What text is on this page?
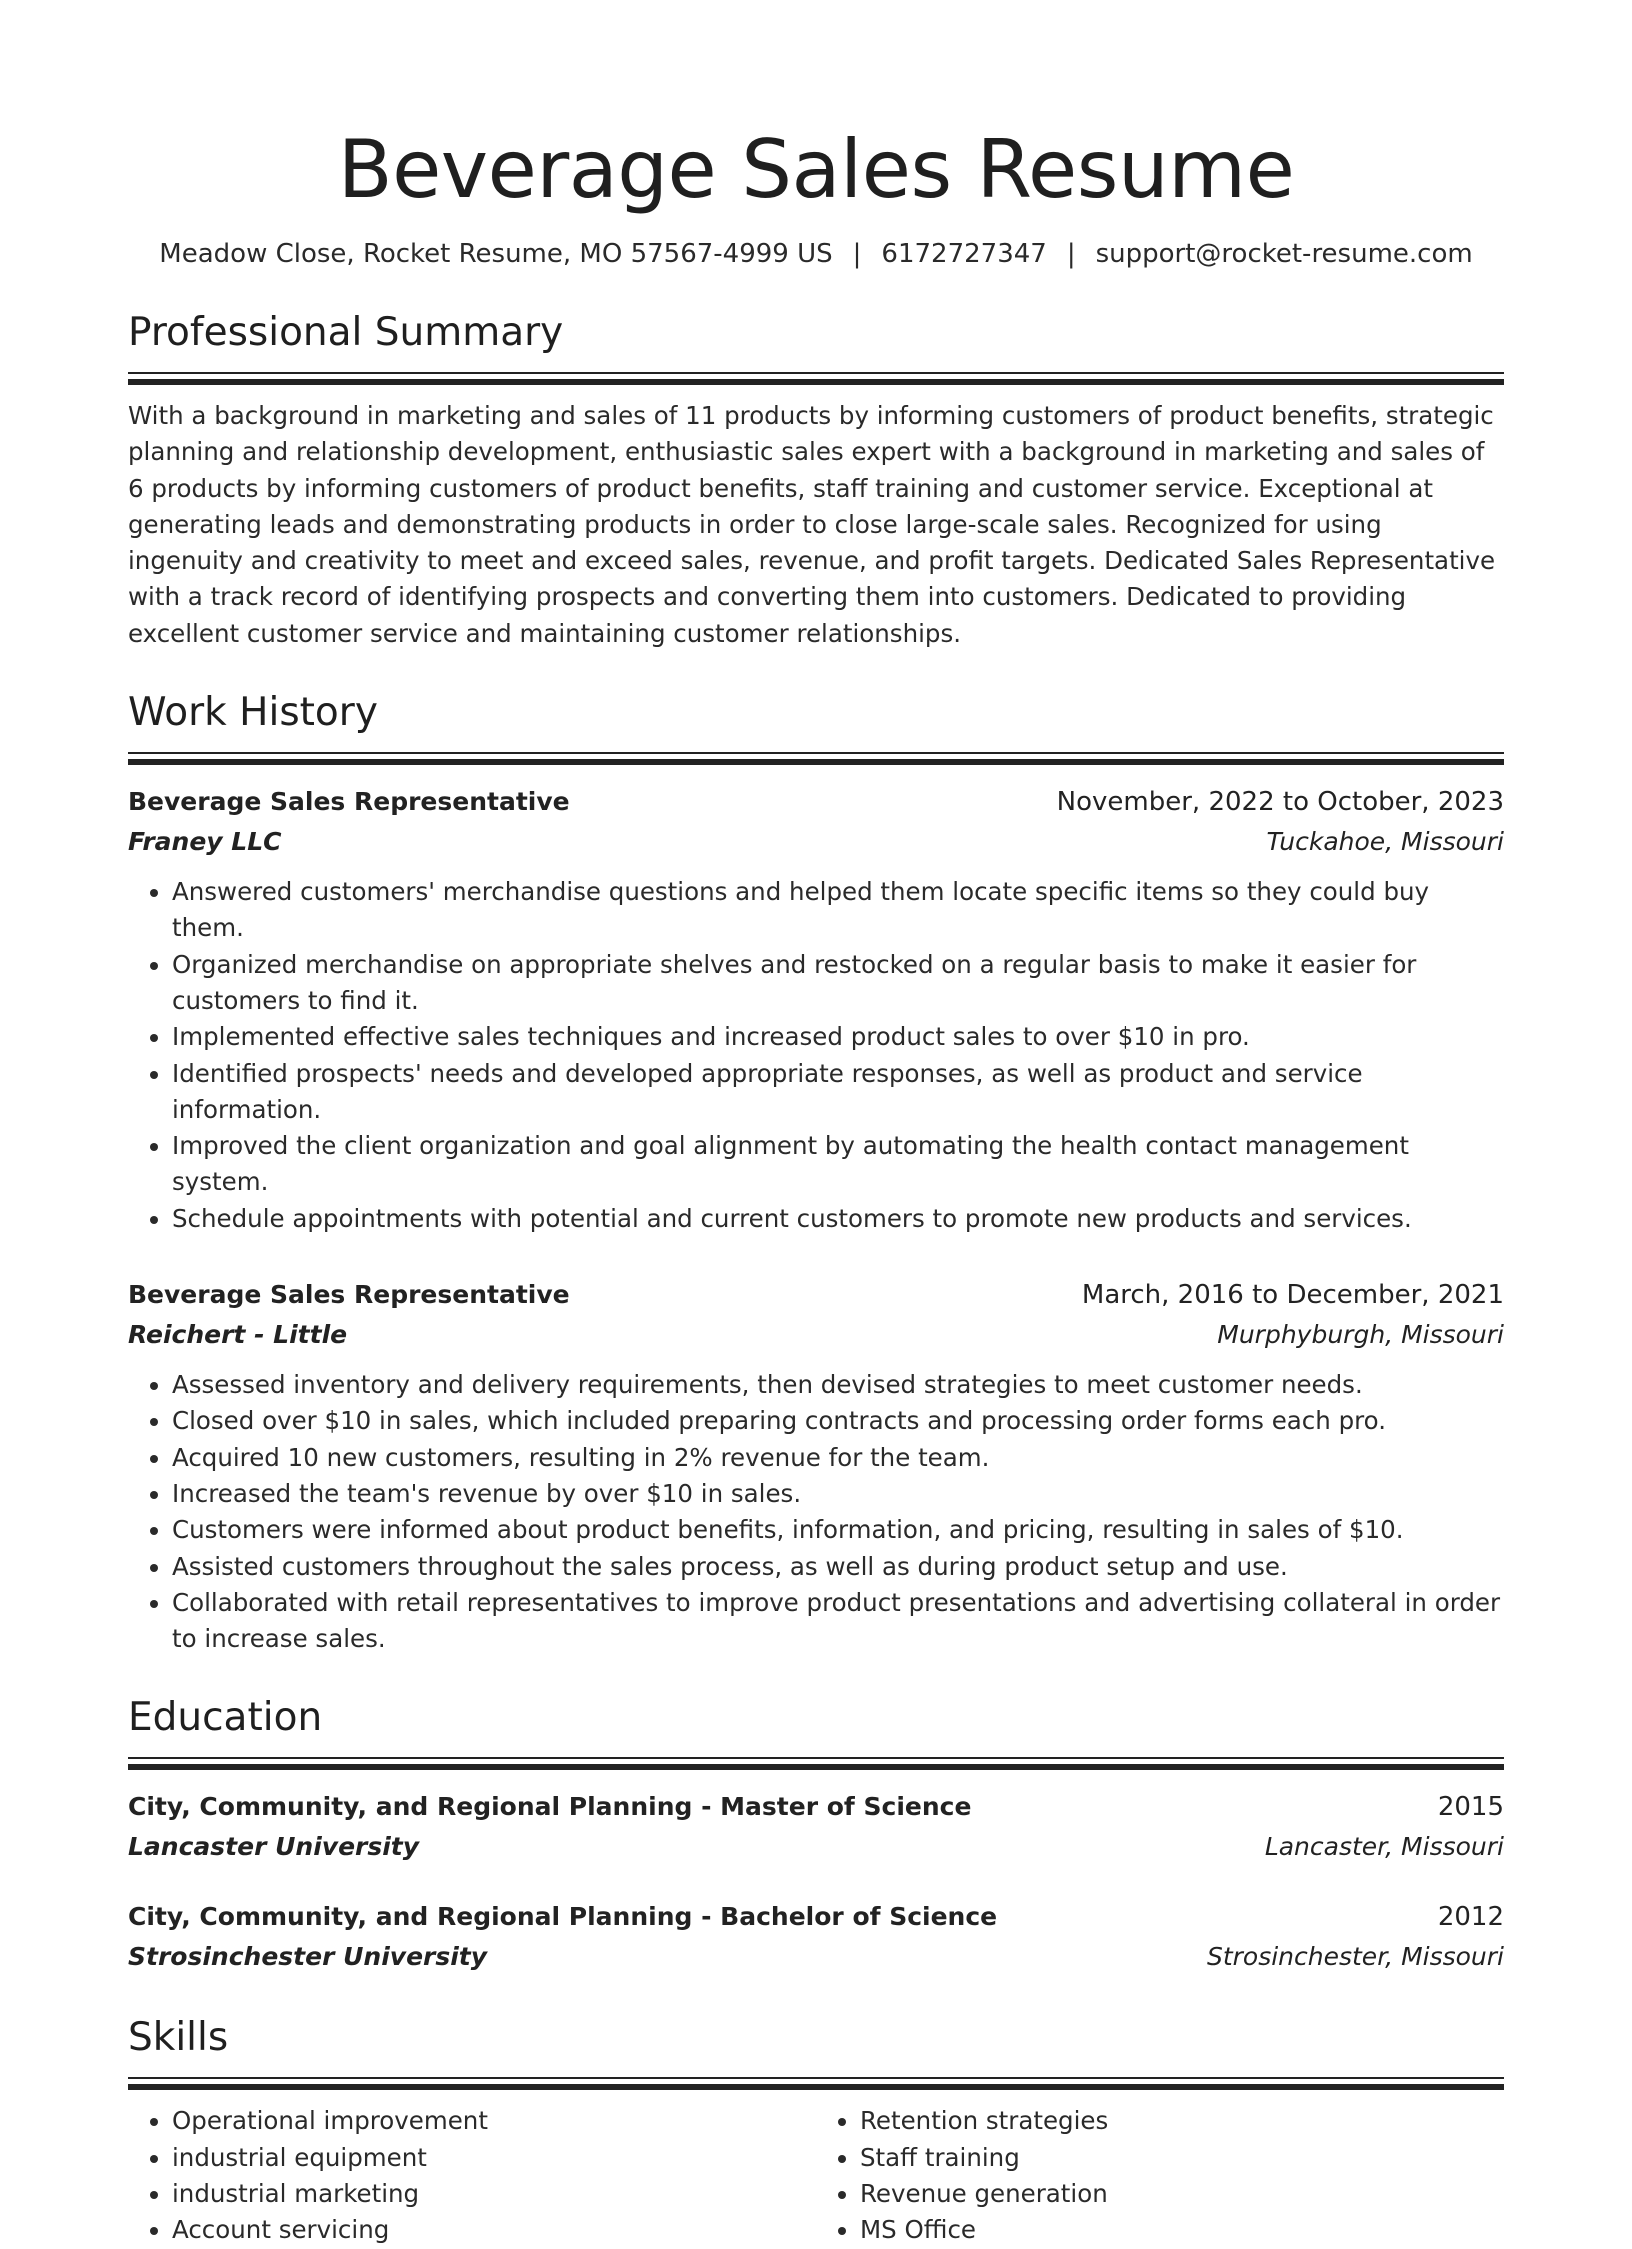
Beverage Sales Resume
Meadow Close, Rocket Resume, MO 57567-4999 US | 6172727347 | support@rocket-resume.com
Professional Summary
With a background in marketing and sales of 11 products by informing customers of product benefits, strategic planning and relationship development, enthusiastic sales expert with a background in marketing and sales of 6 products by informing customers of product benefits, staff training and customer service. Exceptional at generating leads and demonstrating products in order to close large-scale sales. Recognized for using ingenuity and creativity to meet and exceed sales, revenue, and profit targets. Dedicated Sales Representative with a track record of identifying prospects and converting them into customers. Dedicated to providing excellent customer service and maintaining customer relationships.
Work History
Beverage Sales Representative	November, 2022 to October, 2023
Franey LLC	Tuckahoe, Missouri
• Answered customers' merchandise questions and helped them locate specific items so they could buy them.
• Organized merchandise on appropriate shelves and restocked on a regular basis to make it easier for customers to find it.
• Implemented effective sales techniques and increased product sales to over $10 in pro.
• Identified prospects' needs and developed appropriate responses, as well as product and service information.
• Improved the client organization and goal alignment by automating the health contact management system.
• Schedule appointments with potential and current customers to promote new products and services.
Beverage Sales Representative	March, 2016 to December, 2021
Reichert - Little	Murphyburgh, Missouri
• Assessed inventory and delivery requirements, then devised strategies to meet customer needs.
• Closed over $10 in sales, which included preparing contracts and processing order forms each pro.
• Acquired 10 new customers, resulting in 2% revenue for the team.
• Increased the team's revenue by over $10 in sales.
• Customers were informed about product benefits, information, and pricing, resulting in sales of $10.
• Assisted customers throughout the sales process, as well as during product setup and use.
• Collaborated with retail representatives to improve product presentations and advertising collateral in order to increase sales.
Education
City, Community, and Regional Planning - Master of Science	2015
Lancaster University	Lancaster, Missouri
City, Community, and Regional Planning - Bachelor of Science	2012
Strosinchester University	Strosinchester, Missouri
Skills
• Operational improvement
• industrial equipment
• industrial marketing
• Account servicing
• Retention strategies
• Staff training
• Revenue generation
• MS Office
